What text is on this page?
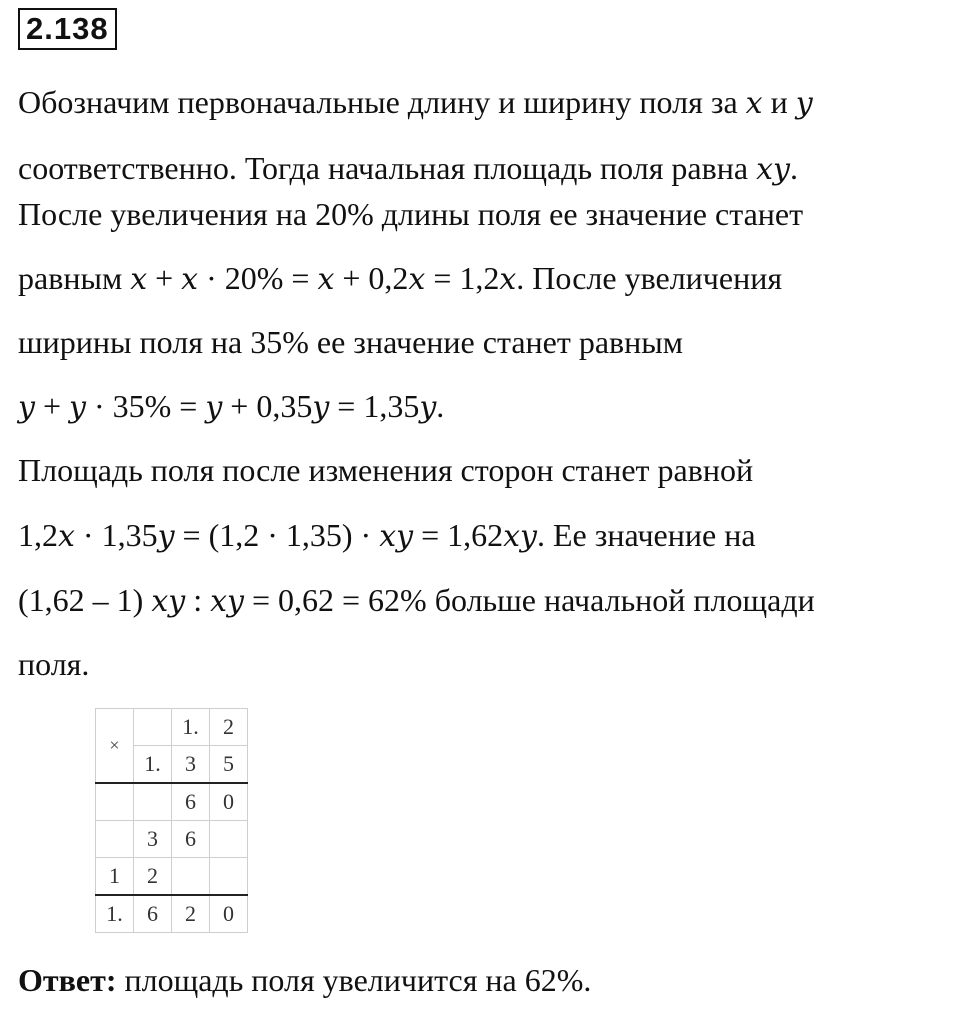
2.138
Обозначим первоначальные длину и ширину поля за x и y
соответственно. Тогда начальная площадь поля равна xy.
После увеличения на 20% длины поля ее значение станет
равным x + x · 20% = x + 0,2x = 1,2x. После увеличения
ширины поля на 35% ее значение станет равным
y + y · 35% = y + 0,35y = 1,35y.
Площадь поля после изменения сторон станет равной
1,2x · 1,35y = (1,2 · 1,35) · xy = 1,62xy. Ее значение на
(1,62 – 1) xy : xy = 0,62 = 62% больше начальной площади
поля.
×		1.	2
	1.	3	5
		6	0
	3	6	
1	2		
1.	6	2	0
Ответ: площадь поля увеличится на 62%.
